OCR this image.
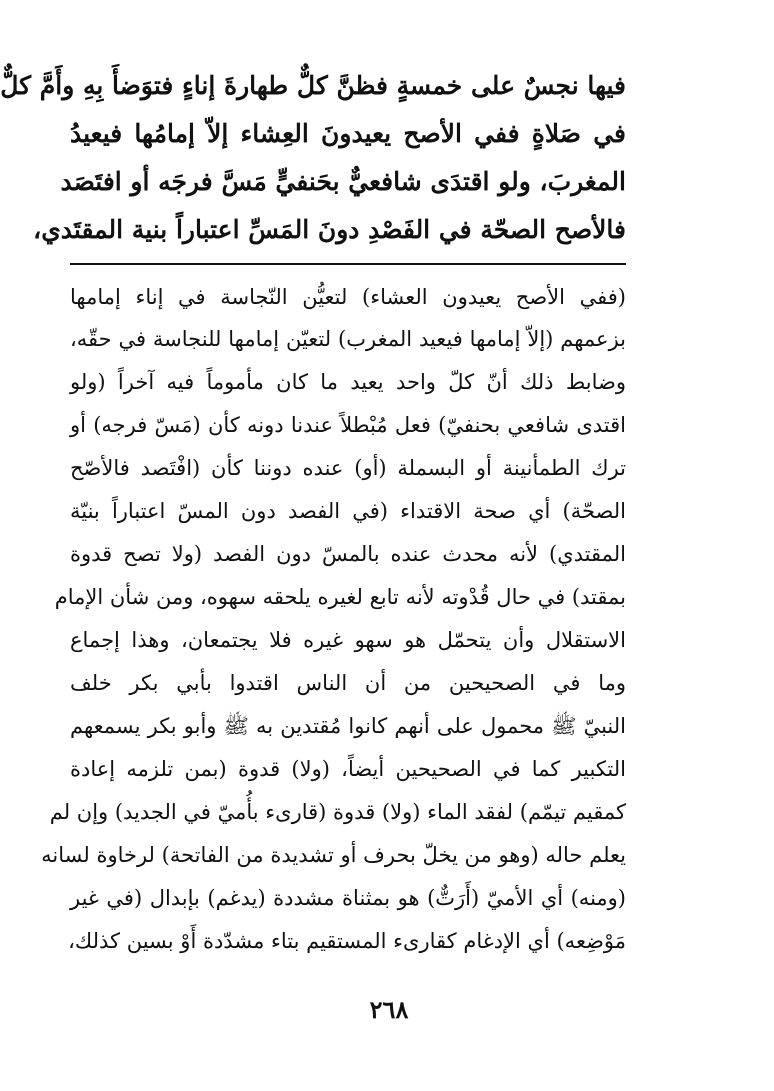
فيها نجسٌ على خمسةٍ فظنَّ كلٌّ طهارةَ إناءٍ فتوَضأَ بِهِ وأَمَّ كلٌّ
في صَلاةٍ ففي الأصح يعيدونَ العِشاء إلاّ إمامُها فيعيدُ
المغربَ، ولو اقتدَى شافعيٌّ بحَنفيٍّ مَسَّ فرجَه أو افتَصَد
فالأصح الصحّة في الفَصْدِ دونَ المَسِّ اعتباراً بنية المقتَدي،
(ففي الأصح يعيدون العشاء) لتعيُّن النّجاسة في إناء إمامها
بزعمهم (إلاّ إمامها فيعيد المغرب) لتعيّن إمامها للنجاسة في حقّه،
وضابط ذلك أنّ كلّ واحد يعيد ما كان مأموماً فيه آخراً (ولو
اقتدى شافعي بحنفيّ) فعل مُبْطلاً عندنا دونه كأن (مَسّ فرجه) أو
ترك الطمأنينة أو البسملة (أو) عنده دوننا كأن (افْتَصد فالأصّح
الصحّة) أي صحة الاقتداء (في الفصد دون المسّ اعتباراً بنيّة
المقتدي) لأنه محدث عنده بالمسّ دون الفصد (ولا تصح قدوة
بمقتد) في حال قُدْوته لأنه تابع لغيره يلحقه سهوه، ومن شأن الإمام
الاستقلال وأن يتحمّل هو سهو غيره فلا يجتمعان، وهذا إجماع
وما في الصحيحين من أن الناس اقتدوا بأبي بكر خلف
النبيّ ﷺ محمول على أنهم كانوا مُقتدين به ﷺ وأبو بكر يسمعهم
التكبير كما في الصحيحين أيضاً، (ولا) قدوة (بمن تلزمه إعادة
كمقيم تيمّم) لفقد الماء (ولا) قدوة (قارىء بأُميّ في الجديد) وإن لم
يعلم حاله (وهو من يخلّ بحرف أو تشديدة من الفاتحة) لرخاوة لسانه
(ومنه) أي الأميّ (أَرَتٌّ) هو بمثناة مشددة (يدغم) بإبدال (في غير
مَوْضِعه) أي الإدغام كقارىء المستقيم بتاء مشدّدة أَوْ بسين كذلك،
٢٦٨
